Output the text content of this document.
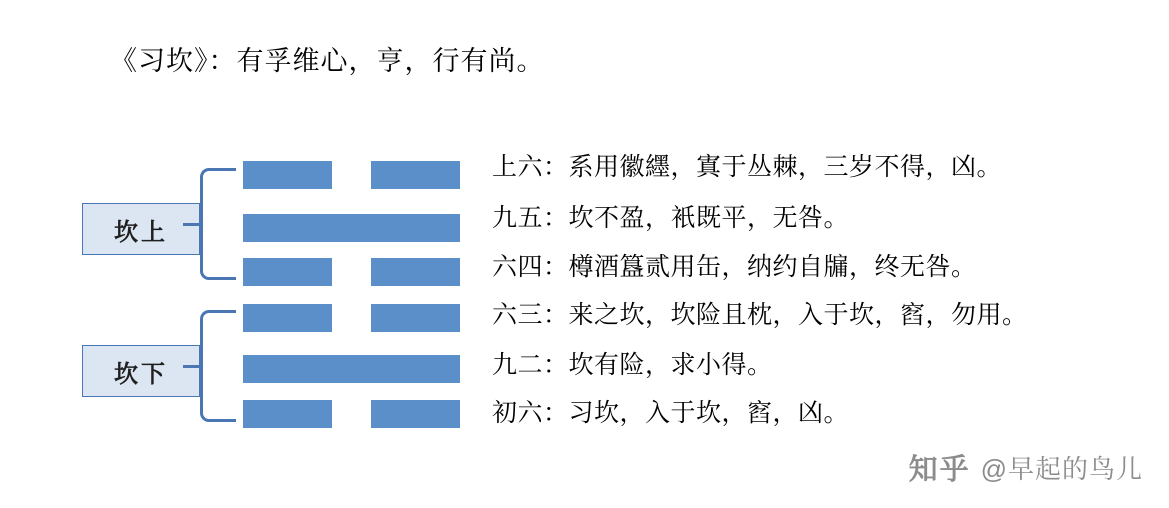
《习坎》：有孚维心，亨，行有尚。
坎上
坎下
上六：系用徽纆，寘于丛棘，三岁不得，凶。
九五：坎不盈，衹既平，无咎。
六四：樽酒簋贰用缶，纳约自牖，终无咎。
六三：来之坎，坎险且枕，入于坎，窞，勿用。
九二：坎有险，求小得。
初六：习坎，入于坎，窞，凶。
知乎 @早起的鸟儿
